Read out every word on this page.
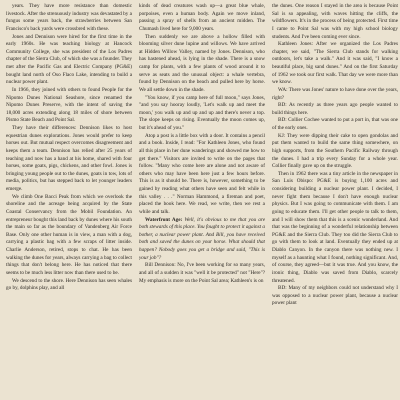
years. They have more resistance than domestic livestock. After the strenuously industry was devastated by a fungus some years back, the strawberries between San Francisco's back yards were crossbred with these.

Jones and Dennison were hired for the first time in the early 1960s. He was teaching biology at Hancock Community College, she was president of the Los Padres chapter of the Sierra Club, of which she was a founder. They met after the Pacific Gas and Electric Company (PG&E) bought land north of Oso Flaco Lake, intending to build a nuclear power plant.

In 1966, they joined with others to found People for the Nipomo Dunes National Seashore, since renamed the Nipomo Dunes Preserve, with the intent of saving the 18,000 acres extending along 18 miles of shore between Pismo State Beach and Point Sal.

They have their differences: Dennison likes to host equestrian dunes explorations. Jones would prefer to keep horses out. But mutual respect overcomes disagreement and keeps them a team. Dennison has relied after 25 years of teaching and now has a hand at his home, shared with four horses, some goats, pigs, chickens, and other fowl. Jones is bringing young people out to the dunes, goats in tow, lots of media, politics, but has stepped back to let younger leaders emerge.

We climb One Bacci Peak from which we overlook the shoreline and the acreage being acquired by the State Coastal Conservancy from the Mobil Foundation. An entrepreneur bought this land back by dunes where his south the main so far as the boundary of Vandenberg Air Force Base. Only one other human is in view, a man with a dog, carrying a plastic bag with a few scraps of litter inside. Charlie Anderson, retired, stops to chat. He has been walking the dunes for years, always carrying a bag to collect things that don't belong here. He has noticed that there seems to be much less litter now than there used to be.

We descend to the shore. Here Dennison has seen whales go by, dolphins play, and all

kinds of dead creatures wash up—a great blue whale, porpoises, even a human body. Again we move inland, passing a spray of shells from an ancient midden. The Chumash lived here for 9,000 years.

Then suddenly we are above a hollow filled with blooming silver dune lupine and willows. We have arrived at Hidden Willow Valley, named by Jones. Dennison, who has hastened ahead, is lying in the shade. There is a snow camp for plants, with a few plants of wood around it to serve as seats and the unusual object: a whale vertebra, found by Dennison on the beach and pulled here by horse. We all settle down in the shade.

"You know, if you camp here of full moon," says Jones, "and you say hooray loudly, 'Let's walk up and meet the moon,' you walk up and up and up and there's never a top. The slope keeps on rising. Eventually the moon comes up, but it's ahead of you."

Atop a post is a little box with a door. It contains a pencil and a book. Inside, I read: "For Kathleen Jones, who found all this place in her dune wanderings and showed me how to get there." Visitors are invited to write on the pages that follow. "Many who come here are alone and not aware of others who may have been here just a few hours before. This is as it should be. There is, however, something to be gained by reading what others have seen and felt while in this valley . . ." Norman Hammond, a fireman and poet, placed the book here. We read, we write, then we rest a while and talk.

Waterfront Age: Well, it's obvious to me that you are both stewards of this place. You fought to protect it against a bother, a nuclear power plant. And Bill, you have received both and saved the dunes on your horse. What should that happen? Nobody goes you get a bridge and said, "This is your job"?

Bill Dennison: No, I've been working for so many years, and all of a sudden it was "well it be protected" not "Here"? My emphasis is more on the Point Sal area; Kathleen's is on

the dunes. One reason I stayed in the area is because Point Sal is so appealing, with waves hitting the cliffs, the wildflowers. It's in the process of being protected. First time I came to Point Sal was with my high school biology students. And I've been coming ever since.

Kathleen Jones: After we organized the Los Padres chapter, we said, "The Sierra Club stands for walking outdoors, let's take a walk." And it was said, "I know a beautiful place, big sand dunes." And on the first Saturday of 1962 we took our first walk. That day we were more than we know.

WA: There was Jones' nature to have done over the years, right?

BD: As recently as three years ago people wanted to build things here.

BD: Collier Cochee wanted to put a port in, that was one of the early ones.

KJ: They were dipping their cake to open gondolas and put them wanted to build the same thing somewhere, on high supports, from the Southern Pacific Railway through the dunes. I had a trip every Sunday for a whole year. Collier finally gave up on the struggle.

Then in 1962 there was a tiny article in the newspaper in San Luis Obispo: PG&E is buying 1,100 acres and considering building a nuclear power plant. I decided, I never fight them because I don't have enough nuclear physics. But I was going to communicate with them. I am going to educate them. I'll get other people to talk to them, and I will show them that this is a scenic wonderland. And that was the beginning of a wonderful relationship between PG&E and the Sierra Club. They too did the Sierra Club to go with them to look at land. Eventually they ended up at Diablo Canyon. In the canyon there was nothing new. I myself as a haunting what I found, nothing significant. And, of course, they agreed—but it was true. And you know, the ironic thing, Diablo was saved from Diablo, scarcely threatened.

BD: Many of my neighbors could not understand why I was opposed to a nuclear power plant, because a nuclear power plant
